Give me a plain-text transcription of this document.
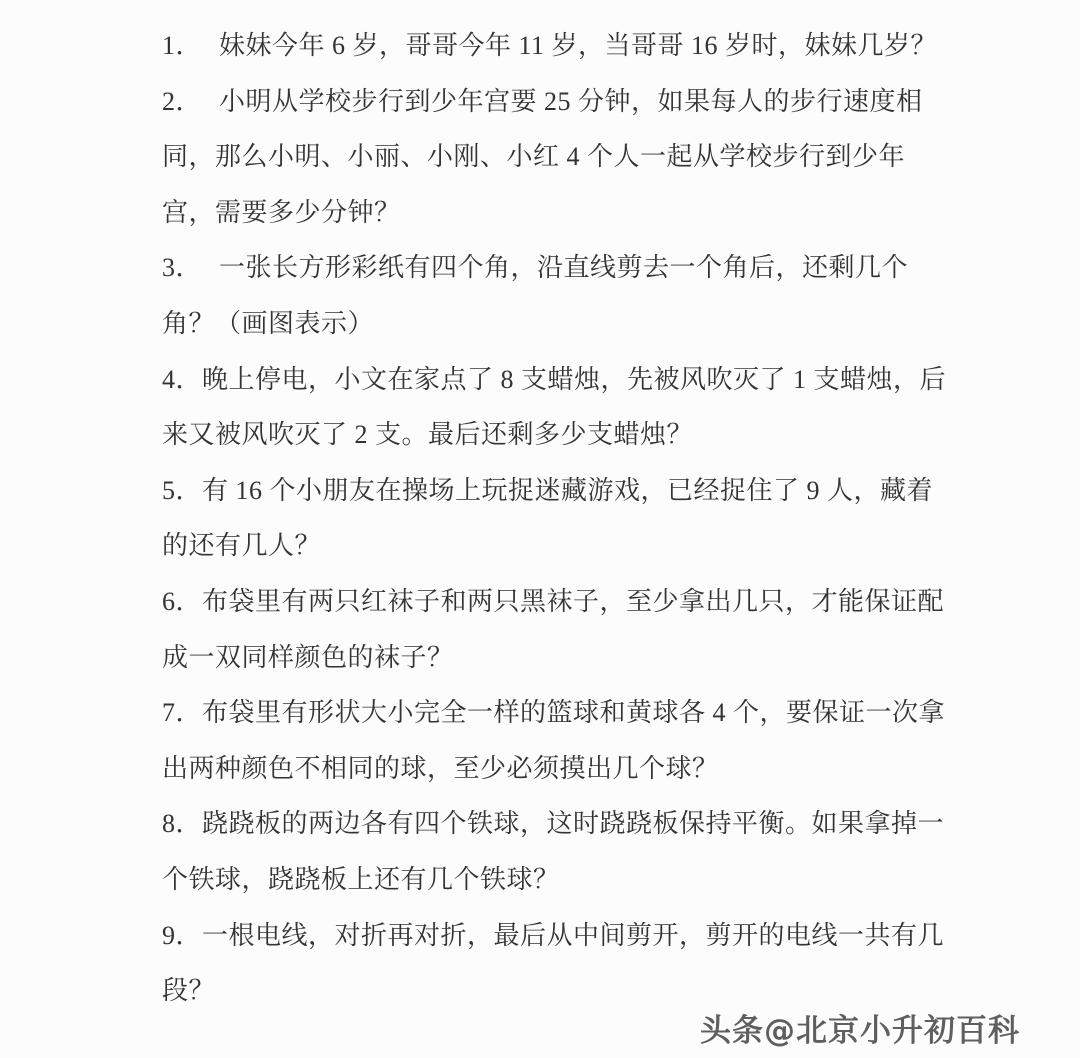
1． 妹妹今年 6 岁，哥哥今年 11 岁，当哥哥 16 岁时，妹妹几岁？
2． 小明从学校步行到少年宫要 25 分钟，如果每人的步行速度相
同，那么小明、小丽、小刚、小红 4 个人一起从学校步行到少年
宫，需要多少分钟？
3． 一张长方形彩纸有四个角，沿直线剪去一个角后，还剩几个
角？（画图表示）
4．晚上停电，小文在家点了 8 支蜡烛，先被风吹灭了 1 支蜡烛，后
来又被风吹灭了 2 支。最后还剩多少支蜡烛？
5．有 16 个小朋友在操场上玩捉迷藏游戏，已经捉住了 9 人，藏着
的还有几人？
6．布袋里有两只红袜子和两只黑袜子，至少拿出几只，才能保证配
成一双同样颜色的袜子？
7．布袋里有形状大小完全一样的篮球和黄球各 4 个，要保证一次拿
出两种颜色不相同的球，至少必须摸出几个球？
8．跷跷板的两边各有四个铁球，这时跷跷板保持平衡。如果拿掉一
个铁球，跷跷板上还有几个铁球？
9．一根电线，对折再对折，最后从中间剪开，剪开的电线一共有几
段？
头条@北京小升初百科
